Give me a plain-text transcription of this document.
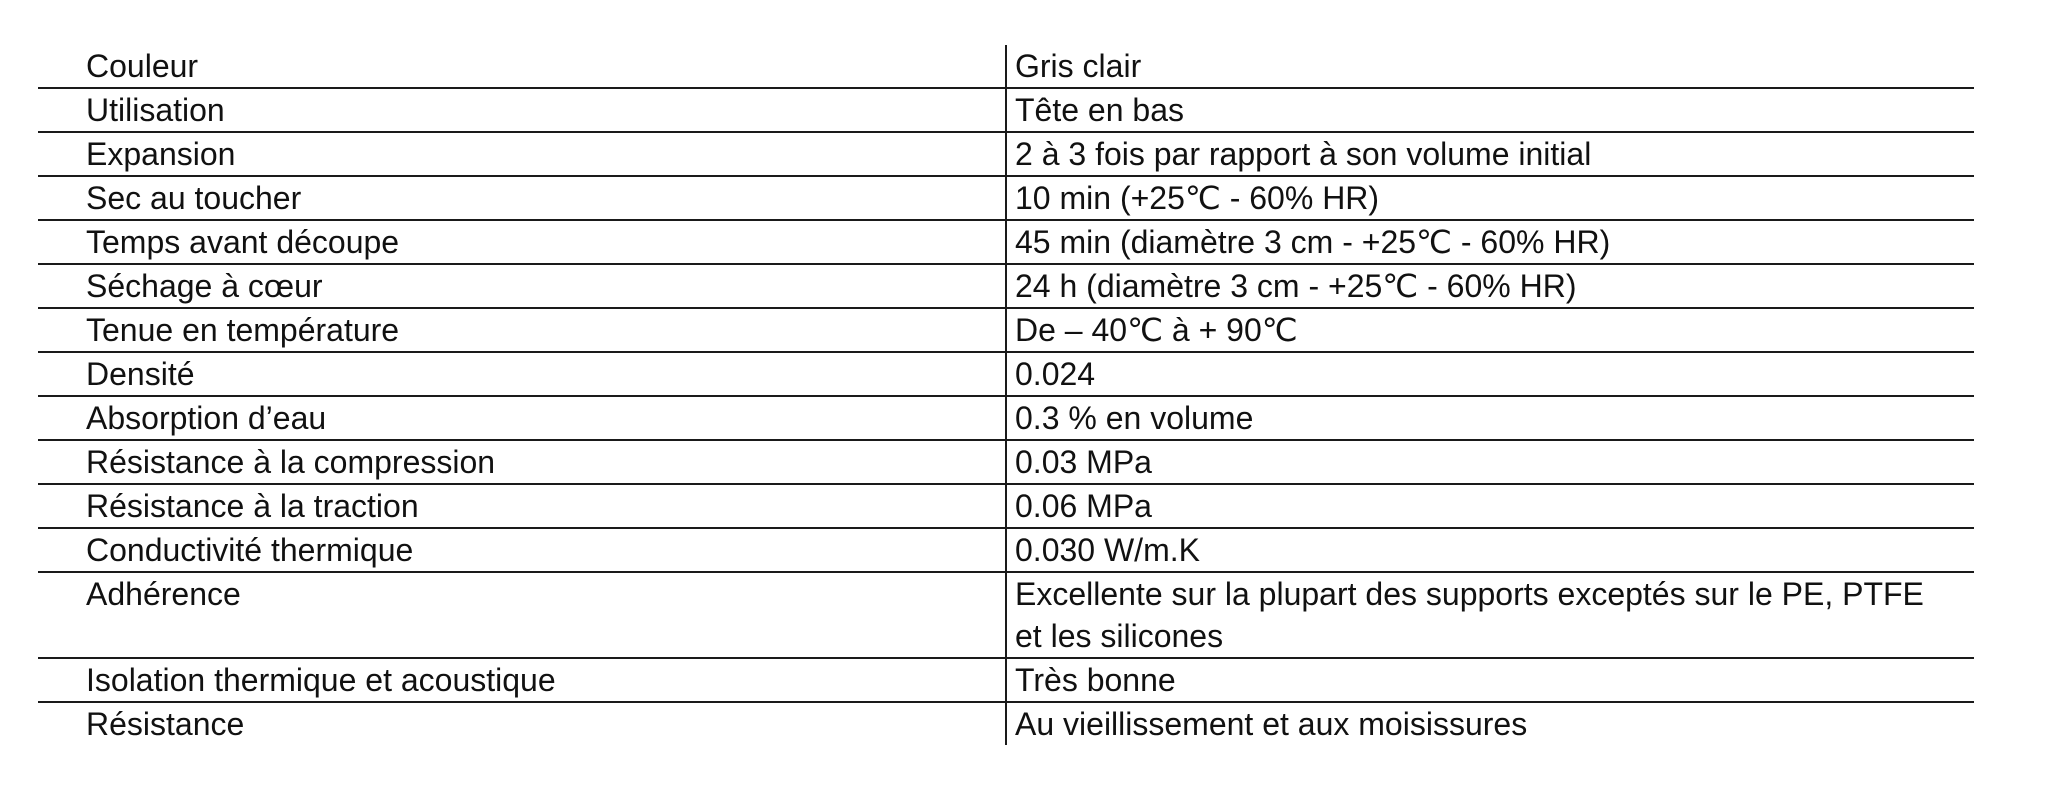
Couleur	Gris clair
Utilisation	Tête en bas
Expansion	2 à 3 fois par rapport à son volume initial
Sec au toucher	10 min (+25℃ - 60% HR)
Temps avant découpe	45 min (diamètre 3 cm - +25℃ - 60% HR)
Séchage à cœur	24 h (diamètre 3 cm - +25℃ - 60% HR)
Tenue en température	De – 40℃ à + 90℃
Densité	0.024
Absorption d’eau	0.3 % en volume
Résistance à la compression	0.03 MPa
Résistance à la traction	0.06 MPa
Conductivité thermique	0.030 W/m.K
Adhérence	Excellente sur la plupart des supports exceptés sur le PE, PTFE et les silicones
Isolation thermique et acoustique	Très bonne
Résistance	Au vieillissement et aux moisissures
